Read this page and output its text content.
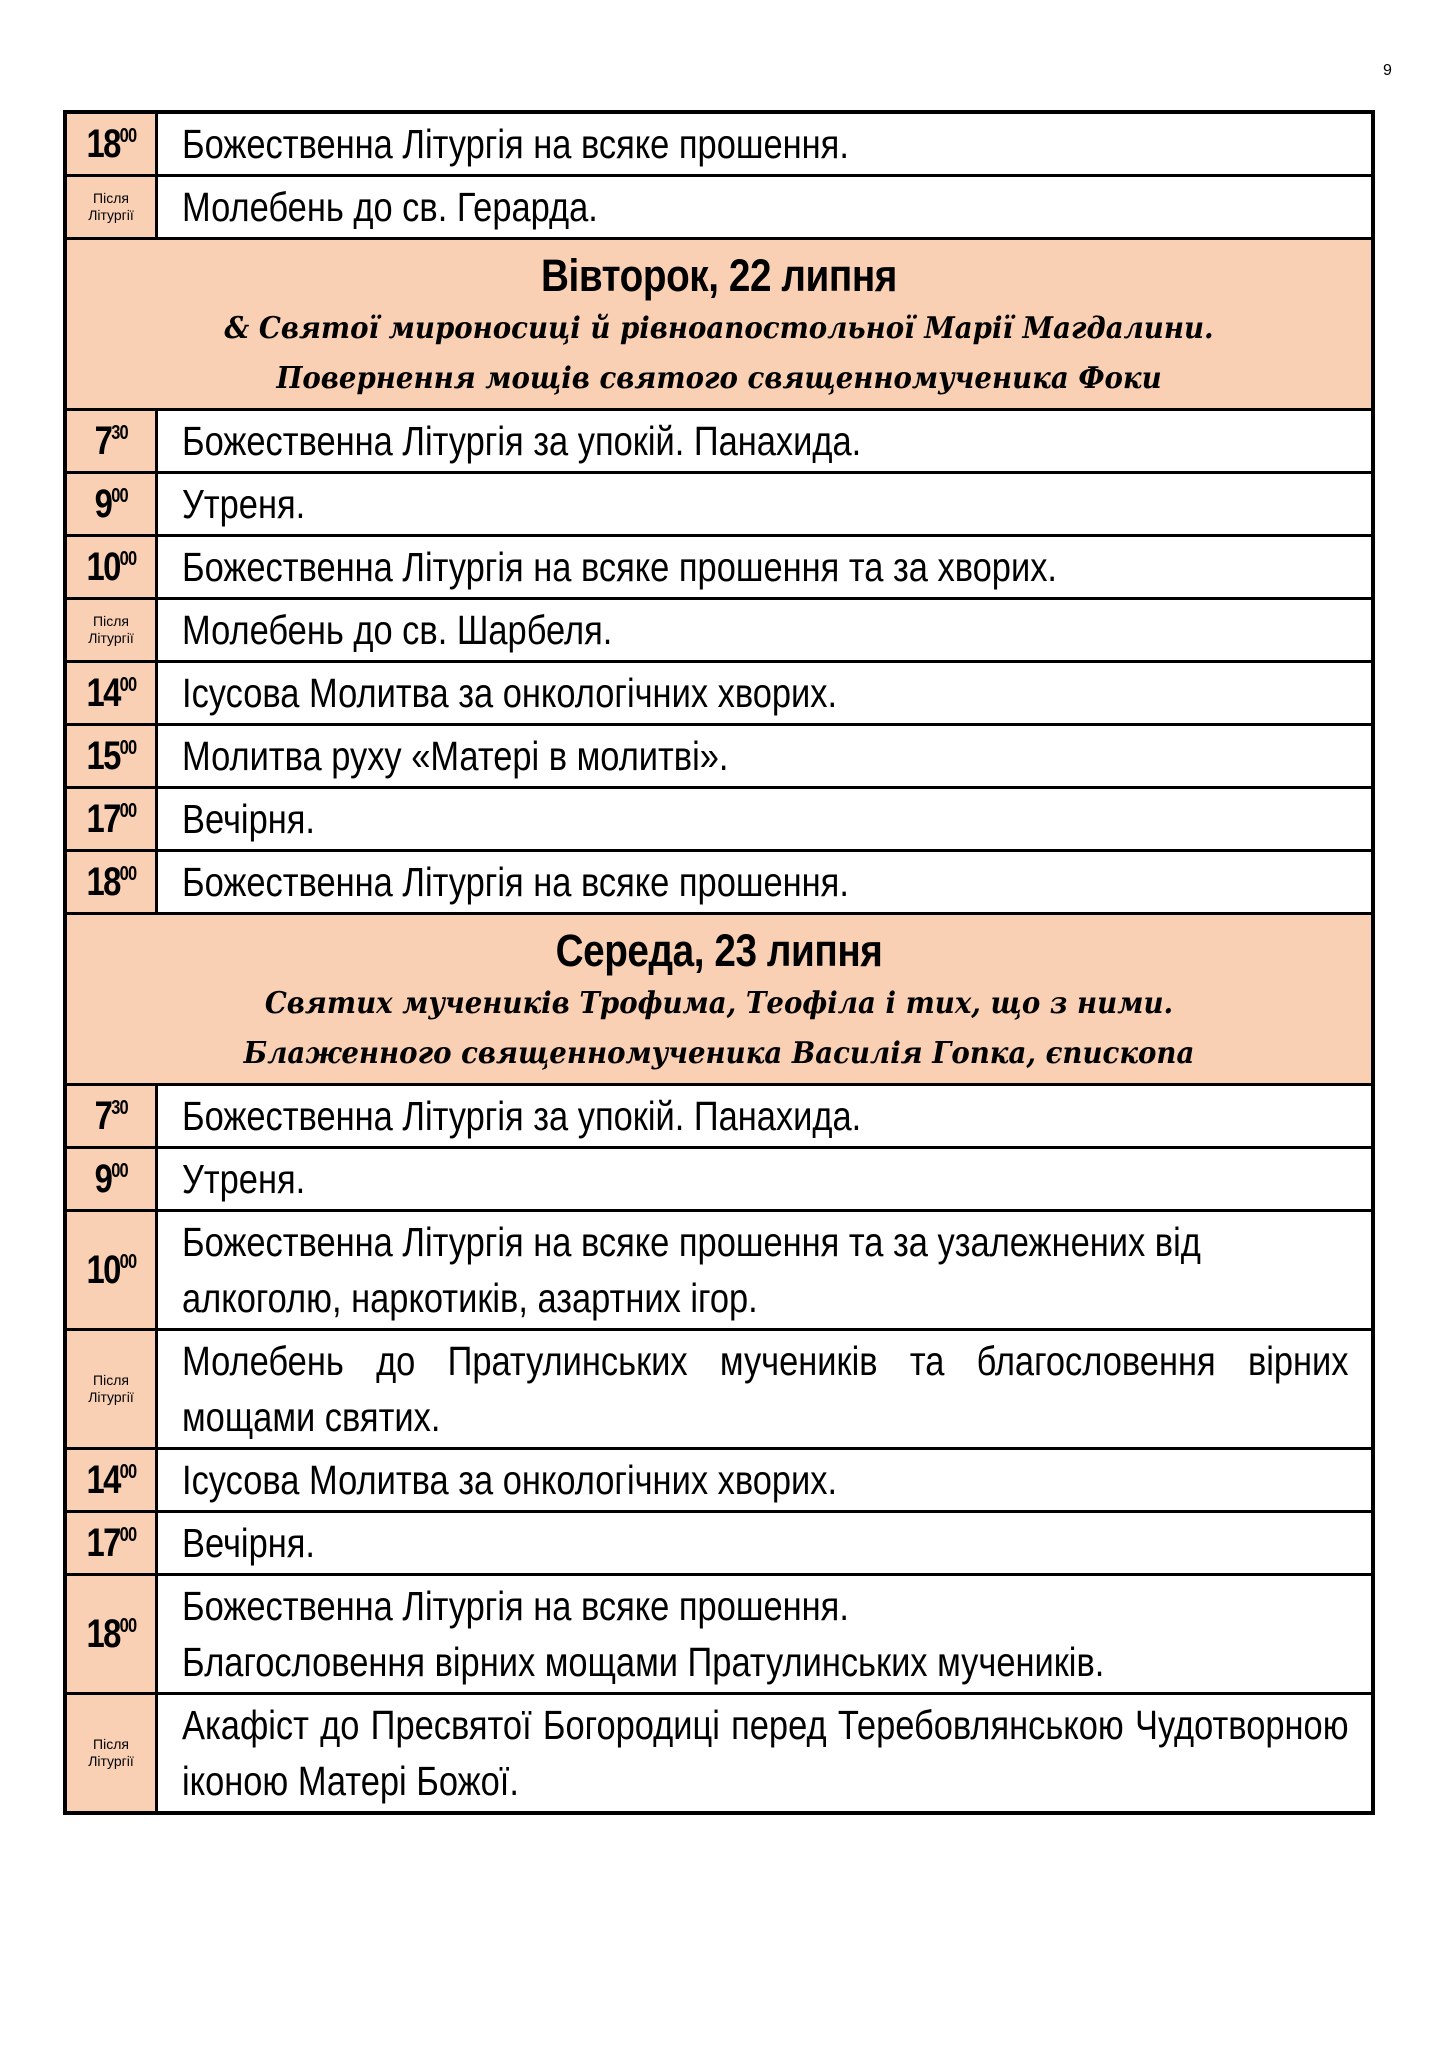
9
$18^{00}$	Божественна Літургія на всяке прошення.

Після
Літургії	Молебень до св. Герарда.

Вівторок, 22 липня
& Святої мироносиці й рівноапостольної Марії Магдалини.
Повернення мощів святого священномученика Фоки	

$7^{30}$	Божественна Літургія за упокій. Панахида.

$9^{00}$	Утреня.

$10^{00}$	Божественна Літургія на всяке прошення та за хворих.

Після
Літургії	Молебень до св. Шарбеля.

$14^{00}$	Ісусова Молитва за онкологічних хворих.

$15^{00}$	Молитва руху «Матері в молитві».

$17^{00}$	Вечірня.

$18^{00}$	Божественна Літургія на всяке прошення.

Середа, 23 липня
Святих мучеників Трофима, Теофіла і тих, що з ними.
Блаженного священномученика Василія Гопка, єпископа	

$7^{30}$	Божественна Літургія за упокій. Панахида.

$9^{00}$	Утреня.

$10^{00}$	Божественна Літургія на всяке прошення та за узалежнених від алкоголю, наркотиків, азартних ігор.

Після
Літургії	Молебень до Пратулинських мучеників та благословення вірних мощами святих.

$14^{00}$	Ісусова Молитва за онкологічних хворих.

$17^{00}$	Вечірня.

$18^{00}$	Божественна Літургія на всяке прошення.
Благословення вірних мощами Пратулинських мучеників.

Після
Літургії	Акафіст до Пресвятої Богородиці перед Теребовлянською Чудотворною іконою Матері Божої.
